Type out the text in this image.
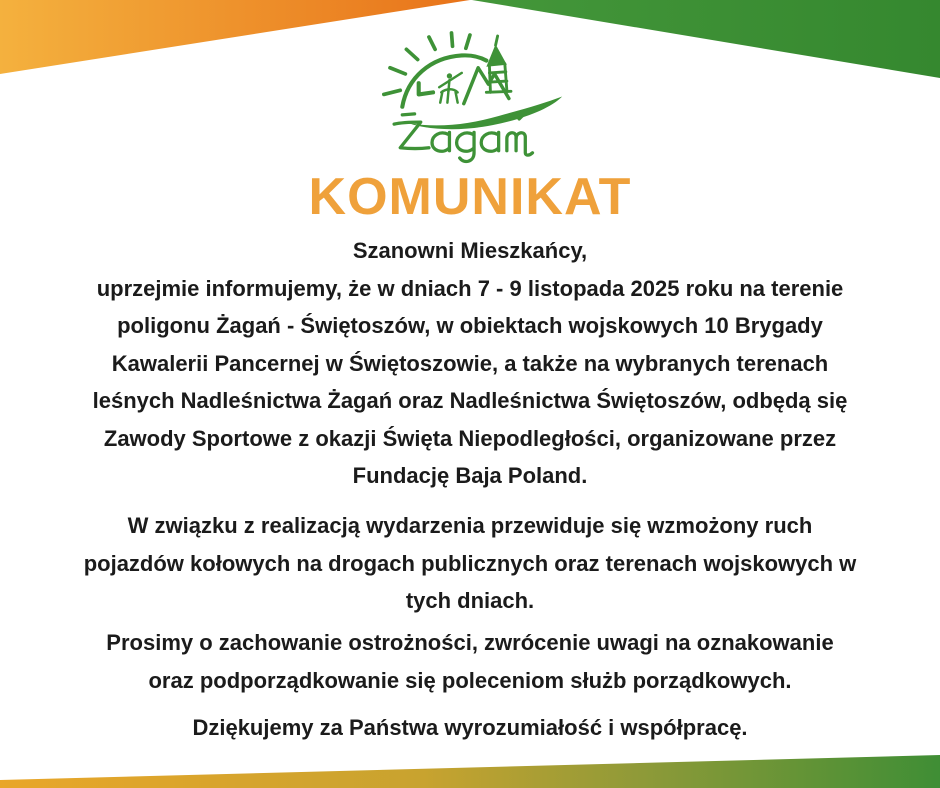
KOMUNIKAT
Szanowni Mieszkańcy,
uprzejmie informujemy, że w dniach 7 - 9 listopada 2025 roku na terenie
poligonu Żagań - Świętoszów, w obiektach wojskowych 10 Brygady
Kawalerii Pancernej w Świętoszowie, a także na wybranych terenach
leśnych Nadleśnictwa Żagań oraz Nadleśnictwa Świętoszów, odbędą się
Zawody Sportowe z okazji Święta Niepodległości, organizowane przez
Fundację Baja Poland.
W związku z realizacją wydarzenia przewiduje się wzmożony ruch
pojazdów kołowych na drogach publicznych oraz terenach wojskowych w
tych dniach.
Prosimy o zachowanie ostrożności, zwrócenie uwagi na oznakowanie
oraz podporządkowanie się poleceniom służb porządkowych.
Dziękujemy za Państwa wyrozumiałość i współpracę.
